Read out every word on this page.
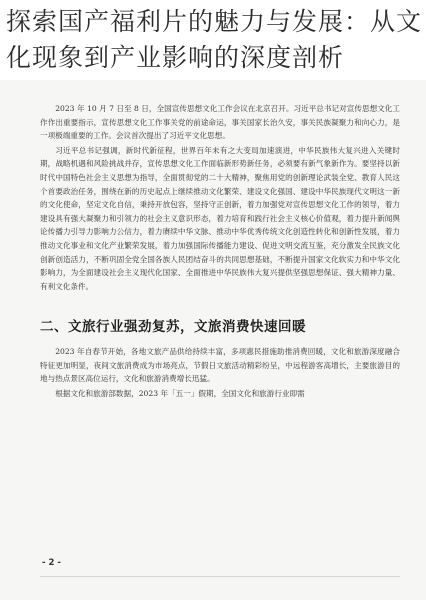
探索国产福利片的魅力与发展：从文
化现象到产业影响的深度剖析

2023 年 10 月 7 日至 8 日，全国宣传思想文化工作会议在北京召开。习近平总书记对宣传思想文化工作作出重要指示，宣传思想文化工作事关党的前途命运，事关国家长治久安，事关民族凝聚力和向心力，是一项极端重要的工作。会议首次提出了习近平文化思想。

习近平总书记强调，新时代新征程，世界百年未有之大变局加速演进，中华民族伟大复兴进入关键时期，战略机遇和风险挑战并存，宣传思想文化工作面临新形势新任务，必须要有新气象新作为。要坚持以新时代中国特色社会主义思想为指导，全面贯彻党的二十大精神，聚焦用党的创新理论武装全党、教育人民这个首要政治任务，围绕在新的历史起点上继续推动文化繁荣、建设文化强国、建设中华民族现代文明这一新的文化使命，坚定文化自信，秉持开放包容，坚持守正创新，着力加强党对宣传思想文化工作的领导，着力建设具有强大凝聚力和引领力的社会主义意识形态，着力培育和践行社会主义核心价值观，着力提升新闻舆论传播力引导力影响力公信力，着力赓续中华文脉、推动中华优秀传统文化创造性转化和创新性发展，着力推动文化事业和文化产业繁荣发展，着力加强国际传播能力建设、促进文明交流互鉴，充分激发全民族文化创新创造活力，不断巩固全党全国各族人民团结奋斗的共同思想基础，不断提升国家文化软实力和中华文化影响力，为全面建设社会主义现代化国家、全面推进中华民族伟大复兴提供坚强思想保证、强大精神力量、有利文化条件。

二、文旅行业强劲复苏，文旅消费快速回暖

2023 年自春节开始，各地文旅产品供给持续丰富，多项惠民措施助推消费回暖，文化和旅游深度融合特征更加明显，夜间文旅消费成为市场亮点，节假日文旅活动精彩纷呈，中远程游客高增长，主要旅游目的地与热点景区高位运行，文化和旅游消费增长迅猛。

根据文化和旅游部数据，2023 年「五一」假期，全国文化和旅游行业即需

- 2 -
